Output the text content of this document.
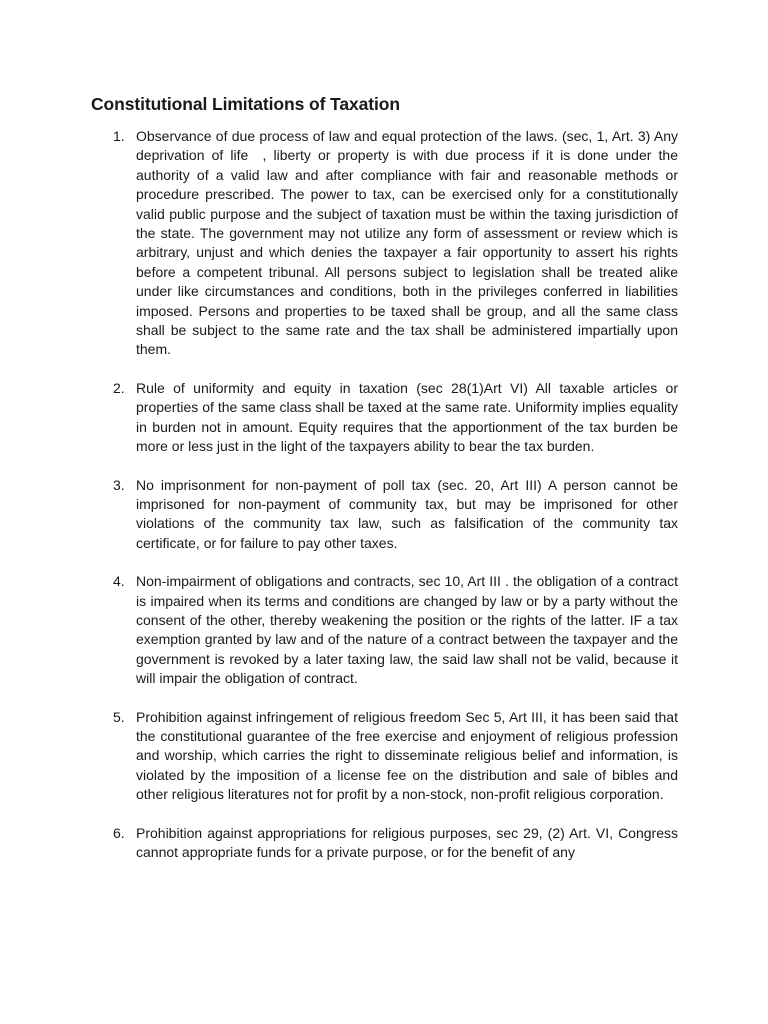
Constitutional Limitations of Taxation
1. Observance of due process of law and equal protection of the laws. (sec, 1, Art. 3) Any deprivation of life  , liberty or property is with due process if it is done under the authority of a valid law and after compliance with fair and reasonable methods or procedure prescribed. The power to tax, can be exercised only for a constitutionally valid public purpose and the subject of taxation must be within the taxing jurisdiction of the state. The government may not utilize any form of assessment or review which is arbitrary, unjust and which denies the taxpayer a fair opportunity to assert his rights before a competent tribunal. All persons subject to legislation shall be treated alike under like circumstances and conditions, both in the privileges conferred in liabilities imposed. Persons and properties to be taxed shall be group, and all the same class shall be subject to the same rate and the tax shall be administered impartially upon them.

2. Rule of uniformity and equity in taxation (sec 28(1)Art VI) All taxable articles or properties of the same class shall be taxed at the same rate. Uniformity implies equality in burden not in amount. Equity requires that the apportionment of the tax burden be more or less just in the light of the taxpayers ability to bear the tax burden.

3. No imprisonment for non-payment of poll tax (sec. 20, Art III) A person cannot be imprisoned for non-payment of community tax, but may be imprisoned for other violations of the community tax law, such as falsification of the community tax certificate, or for failure to pay other taxes.

4. Non-impairment of obligations and contracts, sec 10, Art III . the obligation of a contract is impaired when its terms and conditions are changed by law or by a party without the consent of the other, thereby weakening the position or the rights of the latter. IF a tax exemption granted by law and of the nature of a contract between the taxpayer and the government is revoked by a later taxing law, the said law shall not be valid, because it will impair the obligation of contract.

5. Prohibition against infringement of religious freedom Sec 5, Art III, it has been said that the constitutional guarantee of the free exercise and enjoyment of religious profession and worship, which carries the right to disseminate religious belief and information, is violated by the imposition of a license fee on the distribution and sale of bibles and other religious literatures not for profit by a non-stock, non-profit religious corporation.

6. Prohibition against appropriations for religious purposes, sec 29, (2) Art. VI, Congress cannot appropriate funds for a private purpose, or for the benefit of any
